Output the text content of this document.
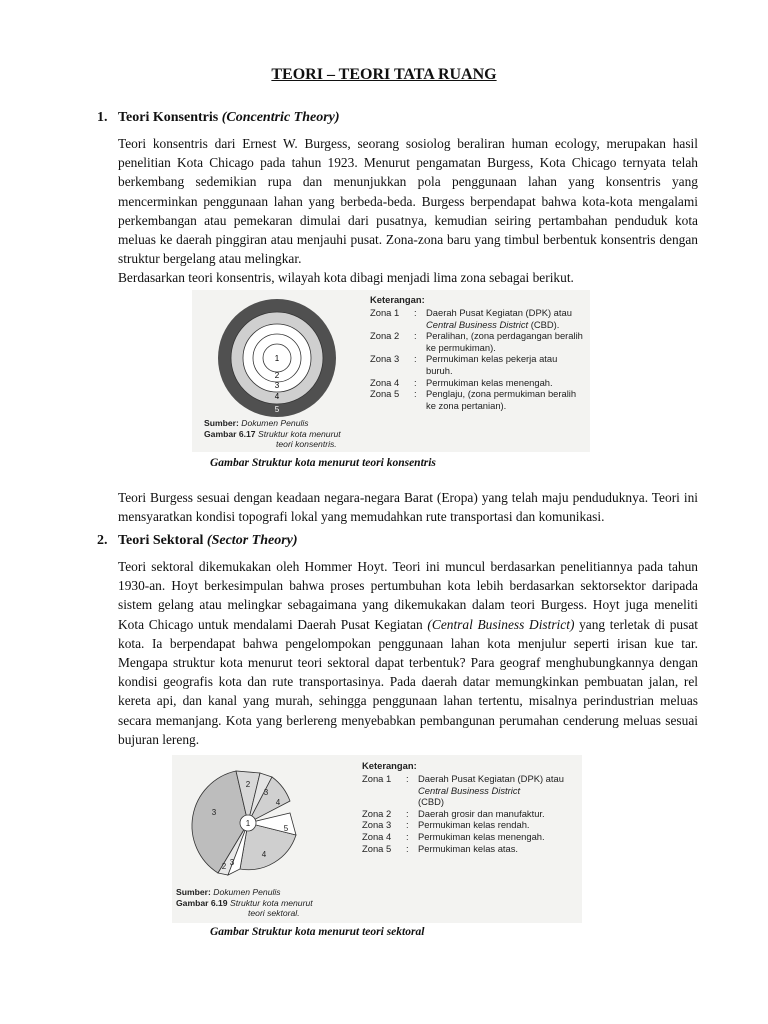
TEORI – TEORI TATA RUANG
1. Teori Konsentris (Concentric Theory)

Teori konsentris dari Ernest W. Burgess, seorang sosiolog beraliran human ecology, merupakan hasil penelitian Kota Chicago pada tahun 1923. Menurut pengamatan Burgess, Kota Chicago ternyata telah berkembang sedemikian rupa dan menunjukkan pola penggunaan lahan yang konsentris yang mencerminkan penggunaan lahan yang berbeda-beda. Burgess berpendapat bahwa kota-kota mengalami perkembangan atau pemekaran dimulai dari pusatnya, kemudian seiring pertambahan penduduk kota meluas ke daerah pinggiran atau menjauhi pusat. Zona-zona baru yang timbul berbentuk konsentris dengan struktur bergelang atau melingkar.

Berdasarkan teori konsentris, wilayah kota dibagi menjadi lima zona sebagai berikut.

1
2
3
4
5
Keterangan:
Zona 1	:	Daerah Pusat Kegiatan (DPK) atau
Central Business District (CBD).
Zona 2	:	Peralihan, (zona perdagangan beralih ke permukiman).
Zona 3	:	Permukiman kelas pekerja atau buruh.
Zona 4	:	Permukiman kelas menengah.
Zona 5	:	Penglaju, (zona permukiman beralih ke zona pertanian).
Sumber: Dokumen Penulis
Gambar 6.17 Struktur kota menurut
teori konsentris.
Gambar Struktur kota menurut teori konsentris

Teori Burgess sesuai dengan keadaan negara-negara Barat (Eropa) yang telah maju penduduknya. Teori ini mensyaratkan kondisi topografi lokal yang memudahkan rute transportasi dan komunikasi.

2. Teori Sektoral (Sector Theory)

Teori sektoral dikemukakan oleh Hommer Hoyt. Teori ini muncul berdasarkan penelitiannya pada tahun 1930-an. Hoyt berkesimpulan bahwa proses pertumbuhan kota lebih berdasarkan sektorsektor daripada sistem gelang atau melingkar sebagaimana yang dikemukakan dalam teori Burgess. Hoyt juga meneliti Kota Chicago untuk mendalami Daerah Pusat Kegiatan (Central Business District) yang terletak di pusat kota. Ia berpendapat bahwa pengelompokan penggunaan lahan kota menjulur seperti irisan kue tar. Mengapa struktur kota menurut teori sektoral dapat terbentuk? Para geograf menghubungkannya dengan kondisi geografis kota dan rute transportasinya. Pada daerah datar memungkinkan pembuatan jalan, rel kereta api, dan kanal yang murah, sehingga penggunaan lahan tertentu, misalnya perindustrian meluas secara memanjang. Kota yang berlereng menyebabkan pembangunan perumahan cenderung meluas sesuai bujuran lereng.

1
2
3
3
4
5
4
3
2
Keterangan:
Zona 1	:	Daerah Pusat Kegiatan (DPK) atau
Central Business District
(CBD)
Zona 2	:	Daerah grosir dan manufaktur.
Zona 3	:	Permukiman kelas rendah.
Zona 4	:	Permukiman kelas menengah.
Zona 5	:	Permukiman kelas atas.
Sumber: Dokumen Penulis
Gambar 6.19 Struktur kota menurut
teori sektoral.
Gambar Struktur kota menurut teori sektoral
